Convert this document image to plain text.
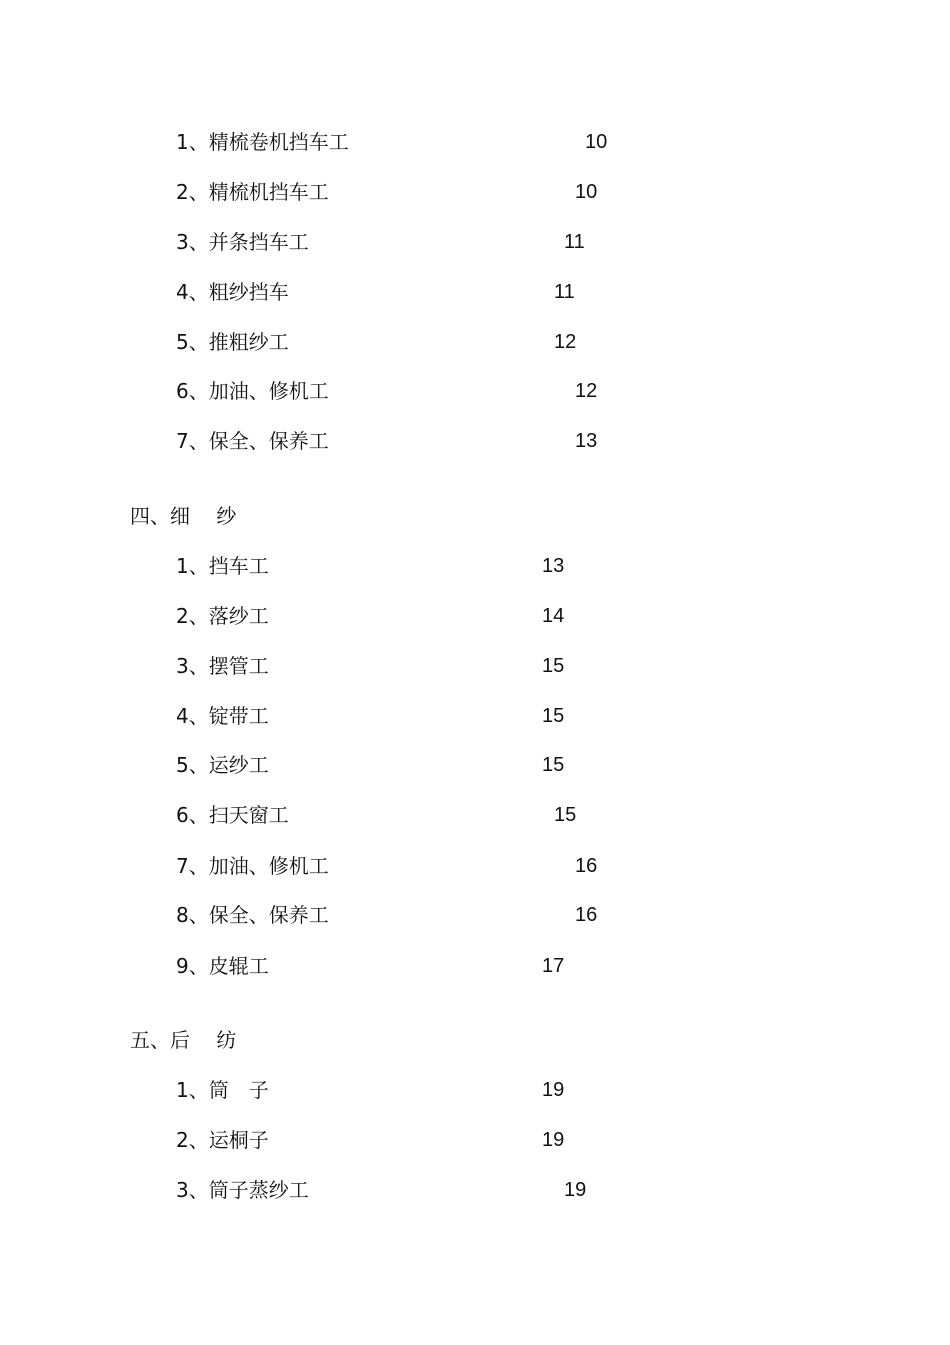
1、精梳卷机挡车工	10
2、精梳机挡车工	10
3、并条挡车工	11
4、粗纱挡车	11
5、推粗纱工	12
6、加油、修机工	12
7、保全、保养工	13
四、细　 纱
1、挡车工	13
2、落纱工	14
3、摆管工	15
4、锭带工	15
5、运纱工	15
6、扫天窗工	15
7、加油、修机工	16
8、保全、保养工	16
9、皮辊工	17
五、后　 纺
1、筒　子	19
2、运桐子	19
3、筒子蒸纱工	19
